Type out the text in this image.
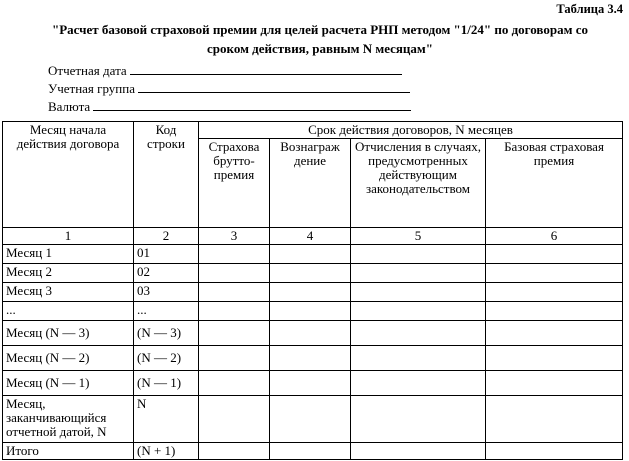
Таблица 3.4
"Расчет базовой страховой премии для целей расчета РНП методом "1/24" по договорам со сроком действия, равным N месяцам"
Отчетная дата
Учетная группа
Валюта
Месяц начала действия договора	Код строки	Срок действия договоров, N месяцев			
		Страхова брутто-премия	Вознаграж дение	Отчисления в случаях, предусмотренных действующим законодательством	Базовая страховая премия
1	2	3	4	5	6
Месяц 1	01				
Месяц 2	02				
Месяц 3	03				
...	...				
Месяц (N — 3)	(N — 3)				
Месяц (N — 2)	(N — 2)				
Месяц (N — 1)	(N — 1)				
Месяц, заканчивающийся отчетной датой, N	N				
Итого	(N + 1)				
